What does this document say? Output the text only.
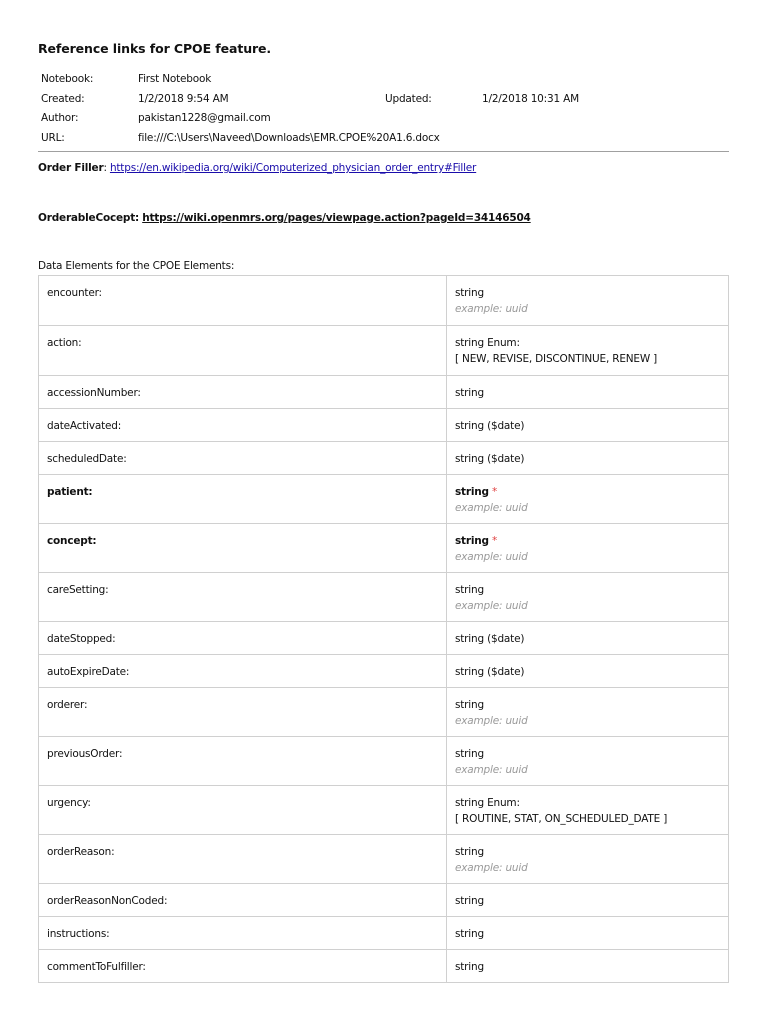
Reference links for CPOE feature.
Notebook:	First Notebook
Created:	1/2/2018 9:54 AM	Updated:	1/2/2018 10:31 AM
Author:	pakistan1228@gmail.com
URL:	file:///C:\Users\Naveed\Downloads\EMR.CPOE%20A1.6.docx
Order Filler: https://en.wikipedia.org/wiki/Computerized_physician_order_entry#Filler
OrderableCocept: https://wiki.openmrs.org/pages/viewpage.action?pageId=34146504
Data Elements for the CPOE Elements:
encounter:	string
example: uuid

action:	string Enum:
[ NEW, REVISE, DISCONTINUE, RENEW ]

accessionNumber:	string
dateActivated:	string ($date)
scheduledDate:	string ($date)
patient:	string *
example: uuid

concept:	string *
example: uuid

careSetting:	string
example: uuid

dateStopped:	string ($date)
autoExpireDate:	string ($date)
orderer:	string
example: uuid

previousOrder:	string
example: uuid

urgency:	string Enum:
[ ROUTINE, STAT, ON_SCHEDULED_DATE ]

orderReason:	string
example: uuid

orderReasonNonCoded:	string
instructions:	string
commentToFulfiller:	string
